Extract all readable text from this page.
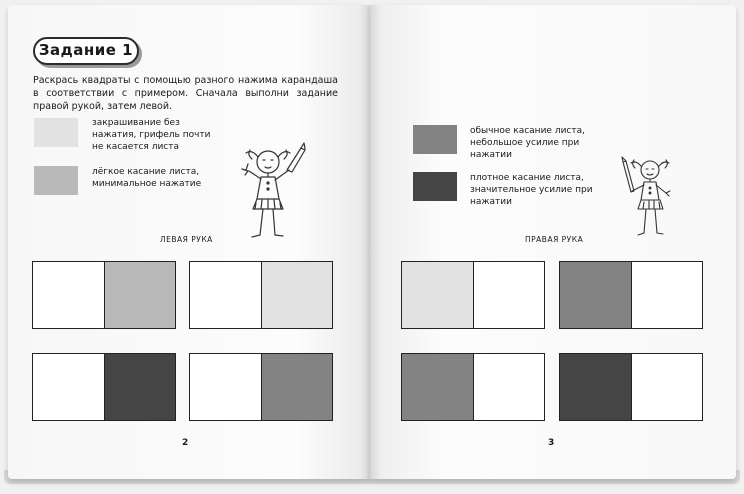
Задание 1

Раскрась квадраты с помощью разного нажима карандаша в соответствии с примером. Сначала выполни задание правой рукой, затем левой.

закрашивание без нажатия, грифель почти не касается листа

лёгкое касание листа, минимальное нажатие

обычное касание листа, небольшое усилие при нажатии

плотное касание листа, значительное усилие при нажатии

ЛЕВАЯ РУКА	ПРАВАЯ РУКА
2	3
